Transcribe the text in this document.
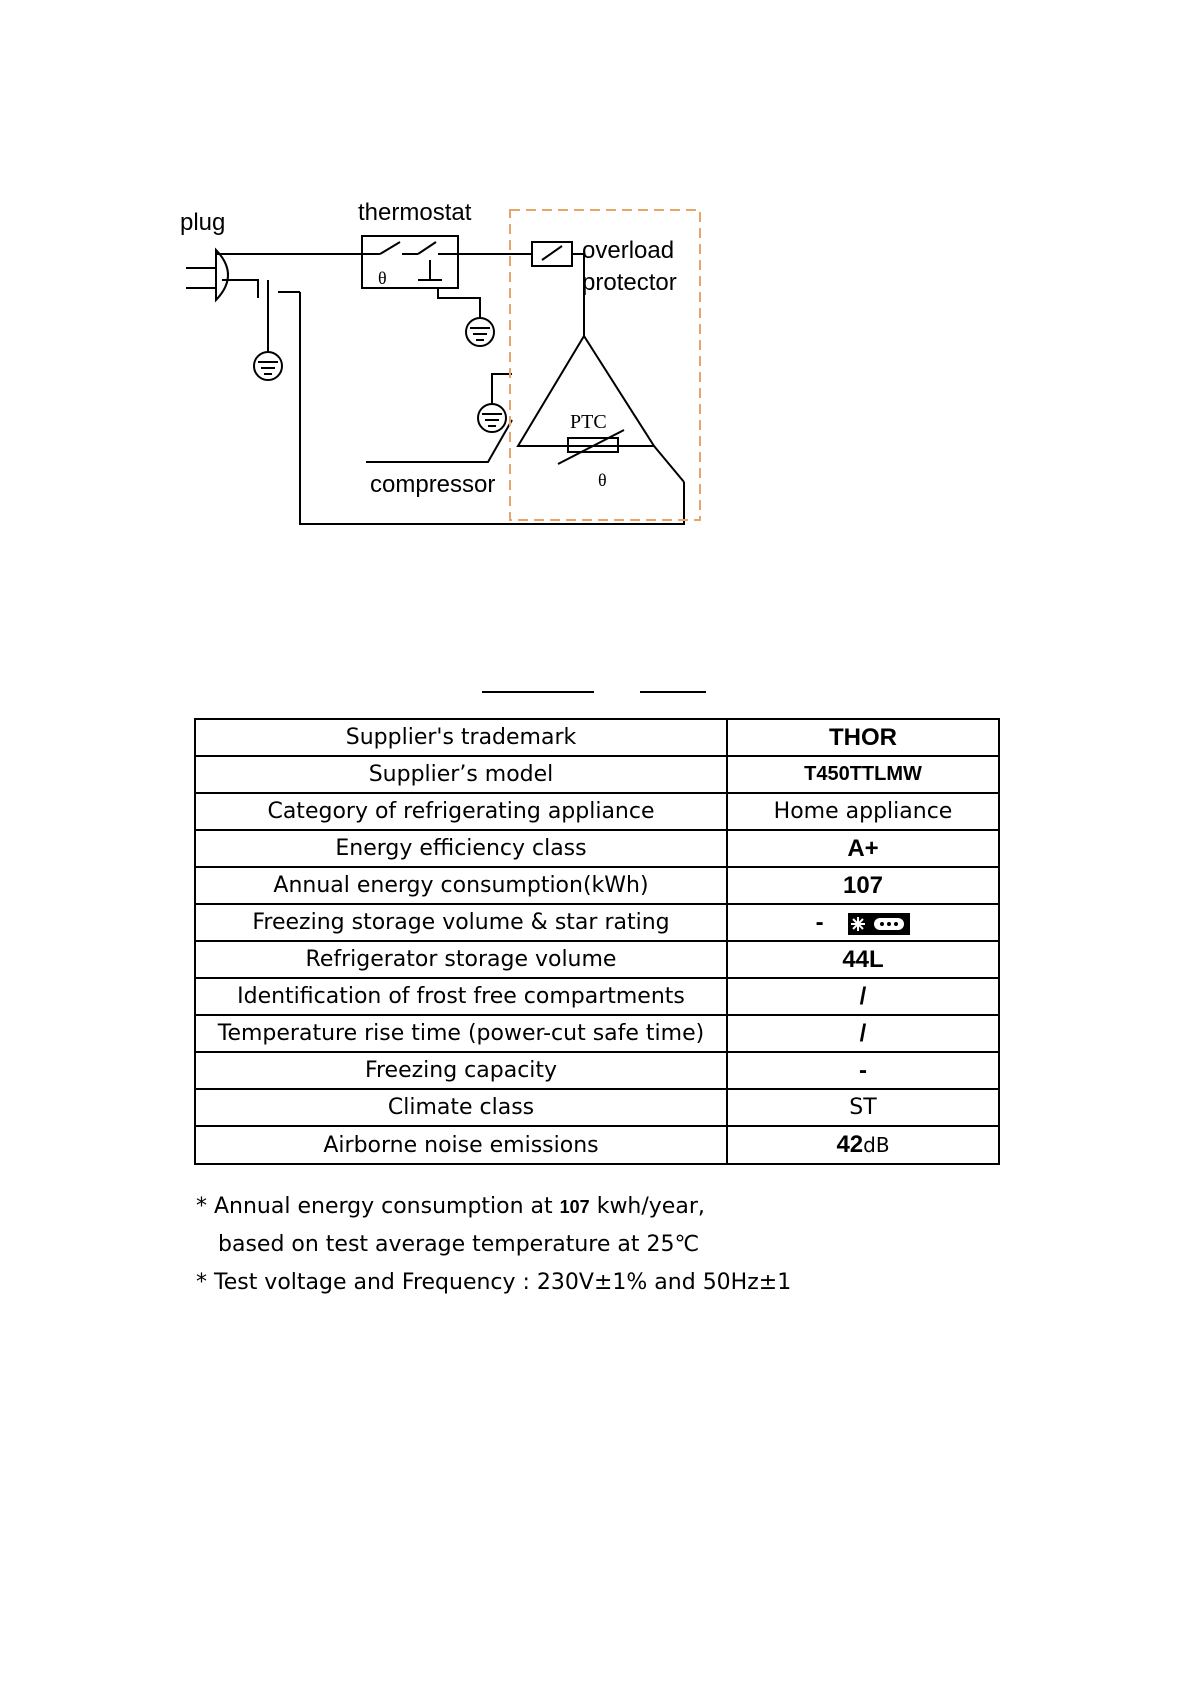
plug	thermostat
overload
protector
compressor
PTC
θ
θ
Supplier's trademark	THOR
Supplier’s model	T450TTLMW
Category of refrigerating appliance	Home appliance
Energy efficiency class	A+
Annual energy consumption(kWh)	107
Freezing storage volume & star rating	-
Refrigerator storage volume	44L
Identification of frost free compartments	/
Temperature rise time (power-cut safe time)	/
Freezing capacity	-
Climate class	ST
Airborne noise emissions	42dB
* Annual energy consumption at 107 kwh/year,
based on test average temperature at 25℃
* Test voltage and Frequency : 230V±1% and 50Hz±1
